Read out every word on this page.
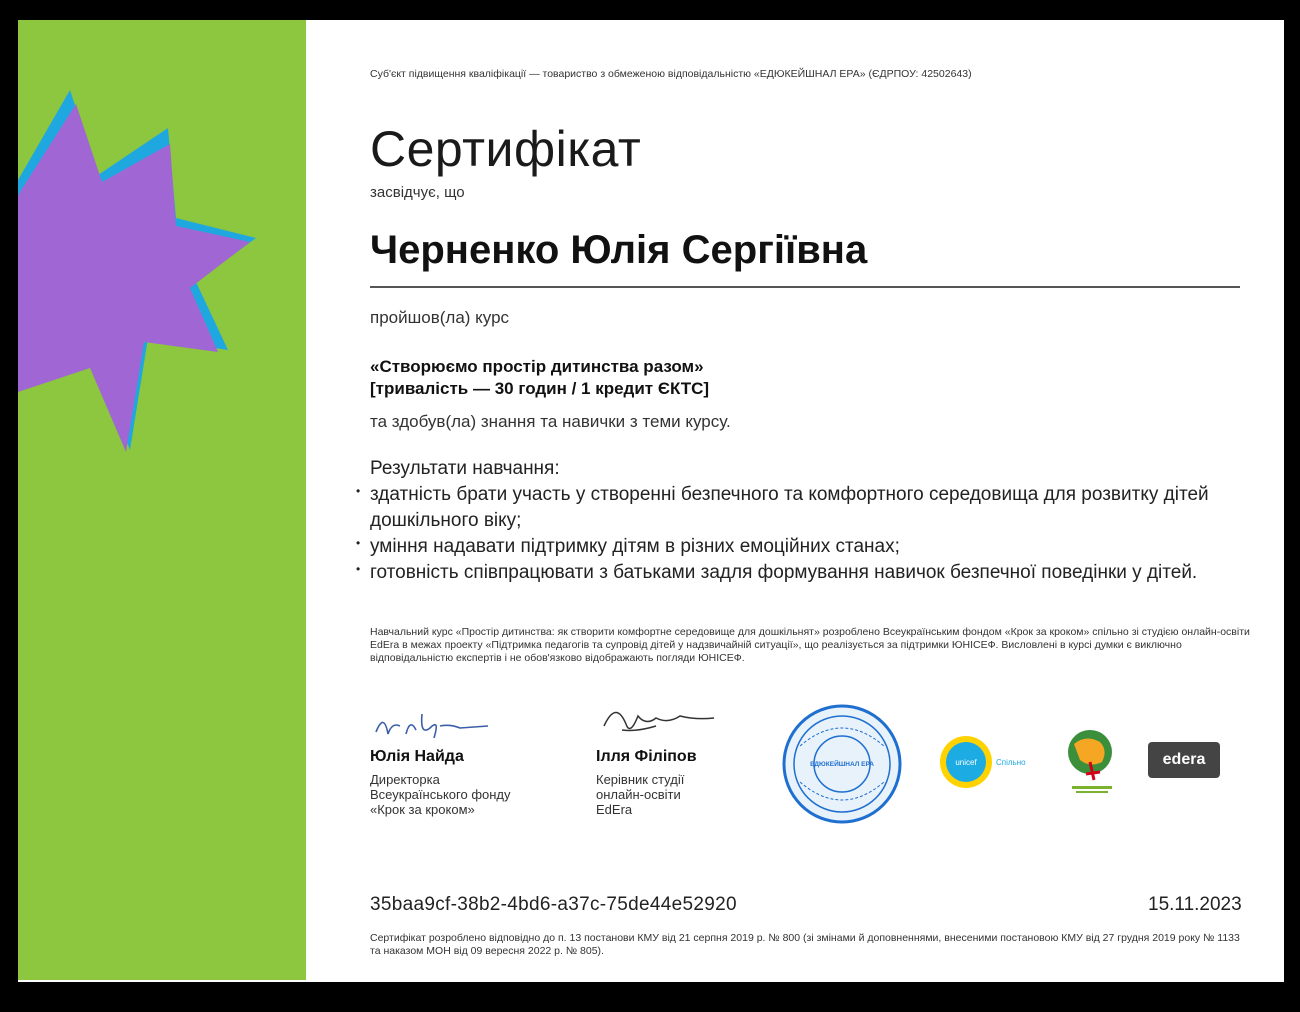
Суб'єкт підвищення кваліфікації — товариство з обмеженою відповідальністю «ЕДЮКЕЙШНАЛ ЕРА» (ЄДРПОУ: 42502643)
Сертифікат
засвідчує, що
Черненко Юлія Сергіївна
пройшов(ла) курс
«Створюємо простір дитинства разом»
[тривалість — 30 годин / 1 кредит ЄКТС]
та здобув(ла) знання та навички з теми курсу.
Результати навчання:
• здатність брати участь у створенні безпечного та комфортного середовища для розвитку дітей дошкільного віку;
• уміння надавати підтримку дітям в різних емоційних станах;
• готовність співпрацювати з батьками задля формування навичок безпечної поведінки у дітей.
Навчальний курс «Простір дитинства: як створити комфортне середовище для дошкільнят» розроблено Всеукраїнським фондом «Крок за кроком» спільно зі студією онлайн-освіти EdEra в межах проекту «Підтримка педагогів та супровід дітей у надзвичайній ситуації», що реалізується за підтримки ЮНІСЕФ. Висловлені в курсі думки є виключно відповідальністю експертів і не обов'язково відображають погляди ЮНІСЕФ.
Юлія Найда
Директорка
Всеукраїнського фонду
«Крок за кроком»
Ілля Філіпов
Керівник студії
онлайн-освіти
EdEra
ЕДЮКЕЙШНАЛ ЕРА	unicef Спільно	edera
35baa9cf-38b2-4bd6-a37c-75de44e52920	15.11.2023
Сертифікат розроблено відповідно до п. 13 постанови КМУ від 21 серпня 2019 р. № 800 (зі змінами й доповненнями, внесеними постановою КМУ від 27 грудня 2019 року № 1133 та наказом МОН від 09 вересня 2022 р. № 805).
